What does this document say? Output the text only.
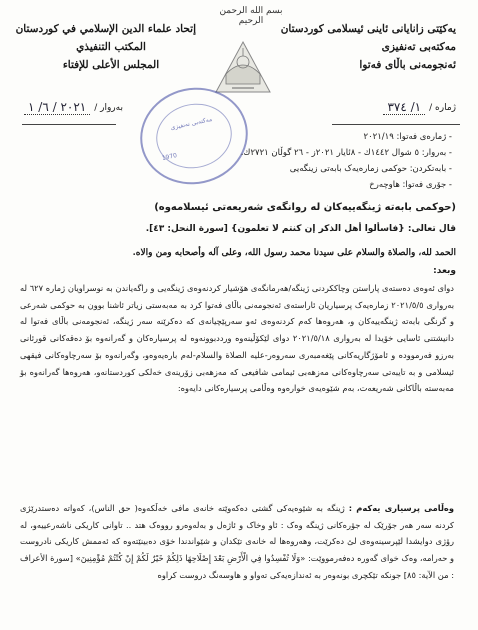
بسم الله الرحمن الرحيم
یەکێتی زانایانی ئاینی ئیسلامی کوردستان
مەکتەبی تەنفیزی
ئەنجومەنی باڵای فەتوا
إتحاد علماء الدين الإسلامي في كوردستان
المكتب التنفيذي
المجلس الأعلى للإفتاء
ژمارە /
١/ ٣٧٤
بەروار /
٢٠٢١ / ٦/ ١
مەکتەبی تەنفیزی
1970
- ژمارەی فەتوا: ٢٠٢١/١٩
- بەروار: ٥ شوال ١٤٤٢ك - ٨ئایار ٢٠٢١ز - ٢٦ گوڵان ٢٧٢١ك.
- بابەتکردن: حوکمی زمارەیەک بابەتی زینگەیی
- جۆری فەتوا: هاوچەرخ
(حوکمی بابەتە ژینگەییەکان لە روانگەی شەریعەتی ئیسلامەوە)
قال تعالى: {فاسألوا أهل الذكر إن كنتم لا تعلمون} [سورة النحل: ٤٣].
الحمد لله، والصلاة والسلام على سيدنا محمد رسول الله، وعلى آله وأصحابه ومن والاه.
وبعد:
دوای ئەوەی دەستەی پاراستن وچاککردنی ژینگە/هەرمانگەی هۆشیار کردنەوەی ژینگەیی و راگەیاندن بە نوسراویان ژمارە ٦٢٧ لە بەرواری ٢٠٢١/٥/٥ زمارەیەک پرسیاریان ئاراستەی ئەنجومەنی باڵای فەتوا کرد بە مەبەستی زیاتر ئاشنا بوون بە حوکمی شەرعی و گرنگی بابەتە ژینگەییەکان و، هەروەها کەم کردنەوەی ئەو سەرپێچیانەی کە دەکرێنە سەر ژینگە، ئەنجومەنی باڵای فەتوا لە دانیشتنی ئاسایی خۆیدا لە بەرواری ٢٠٢١/٥/١٨ دوای لێکۆڵینەوە ورددبوونەوە لە پرسیارەکان و گەرانەوە بۆ دەقەکانی قورئانی بەرزو فەرموودە و ئامۆژگاریەکانی پێغەمبەری سەروەر-علیە الصلاة والسلام-لەم بارەیەوەو، وگەرانەوە بۆ سەرچاوەکانی فیقهی ئیسلامی و بە تایبەتی سەرچاوەکانی مەزهەبی ئیمامی شافیعی کە مەزهەبی زۆرینەی خەلکی کوردستانەو، هەروەها گەرانەوە بۆ مەبەستە باڵاکانی شەریعەت، بەم شێوەیەی خوارەوە وەڵامی پرسیارەکانی دایەوە:
وەڵامی پرسیاری یەکەم : ژینگە بە شێوەیەکی گشتی دەکەوێتە خانەی مافی خەڵکەوە( حق الناس)، کەواتە دەستدرێژی کردنە سەر هەر جۆرێک لە جۆرەکانی ژینگە وەک : ئاو وخاک و ئاژەل و بەلەوەرو رووەک هتد .. تاوانی کاریکی ناشەرعییەو، لە رۆژی دوایشدا لێپرسینەوەی لێ دەکرێت، وهەروەها لە خانەی تێکدان و شێواندندا خۆی دەبینێتەوە کە ئەممش کاریکی نادروست و حەرامە، وەک خوای گەورە دەفەرمووێت: «وَلَا تُفْسِدُوا فِي الْأَرْضِ بَعْدَ إِصْلَاحِهَا ذَلِكُمْ خَيْرٌ لَكُمْ إِنْ كُنْتُمْ مُؤْمِنِينَ» [سورة الأعراف : من الآية: ٨٥] جونکە تێکچری بونەوەر بە ئەندازەیەکی تەواو و هاوسەنگ دروست کراوە
